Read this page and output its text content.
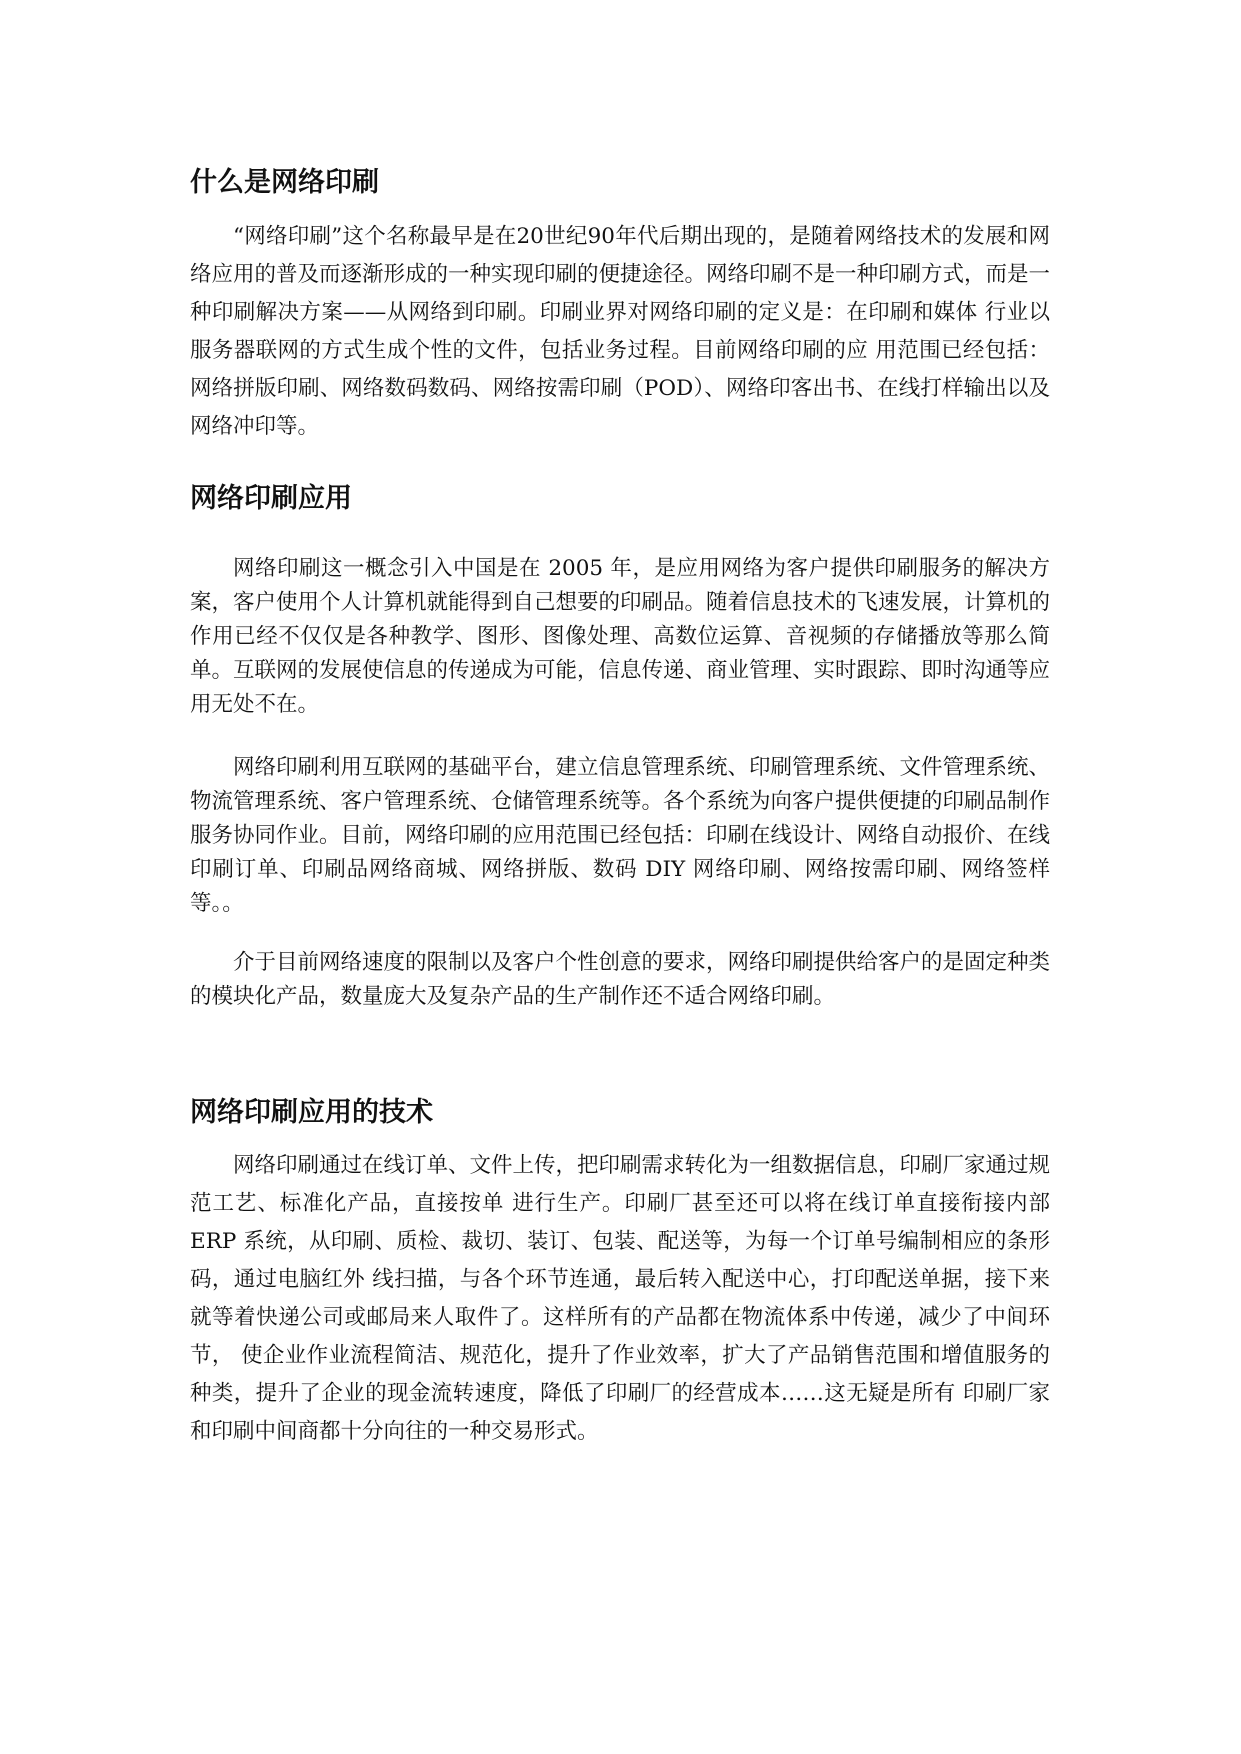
什么是网络印刷

“网络印刷”这个名称最早是在20世纪90年代后期出现的，是随着网络技术的发展和网络应用的普及而逐渐形成的一种实现印刷的便捷途径。网络印刷不是一种印刷方式，而是一种印刷解决方案——从网络到印刷。印刷业界对网络印刷的定义是：在印刷和媒体 行业以服务器联网的方式生成个性的文件，包括业务过程。目前网络印刷的应 用范围已经包括：网络拼版印刷、网络数码数码、网络按需印刷（POD）、网络印客出书、在线打样输出以及网络冲印等。

网络印刷应用

网络印刷这一概念引入中国是在 2005 年，是应用网络为客户提供印刷服务的解决方案，客户使用个人计算机就能得到自己想要的印刷品。随着信息技术的飞速发展，计算机的作用已经不仅仅是各种教学、图形、图像处理、高数位运算、音视频的存储播放等那么简单。互联网的发展使信息的传递成为可能，信息传递、商业管理、实时跟踪、即时沟通等应用无处不在。

网络印刷利用互联网的基础平台，建立信息管理系统、印刷管理系统、文件管理系统、物流管理系统、客户管理系统、仓储管理系统等。各个系统为向客户提供便捷的印刷品制作服务协同作业。目前，网络印刷的应用范围已经包括：印刷在线设计、网络自动报价、在线印刷订单、印刷品网络商城、网络拼版、数码 DIY 网络印刷、网络按需印刷、网络签样等。。

介于目前网络速度的限制以及客户个性创意的要求，网络印刷提供给客户的是固定种类的模块化产品，数量庞大及复杂产品的生产制作还不适合网络印刷。

网络印刷应用的技术

网络印刷通过在线订单、文件上传，把印刷需求转化为一组数据信息，印刷厂家通过规范工艺、标准化产品，直接按单 进行生产。印刷厂甚至还可以将在线订单直接衔接内部 ERP 系统，从印刷、质检、裁切、装订、包装、配送等，为每一个订单号编制相应的条形码，通过电脑红外 线扫描，与各个环节连通，最后转入配送中心，打印配送单据，接下来就等着快递公司或邮局来人取件了。这样所有的产品都在物流体系中传递，减少了中间环节， 使企业作业流程简洁、规范化，提升了作业效率，扩大了产品销售范围和增值服务的种类，提升了企业的现金流转速度，降低了印刷厂的经营成本……这无疑是所有 印刷厂家和印刷中间商都十分向往的一种交易形式。
